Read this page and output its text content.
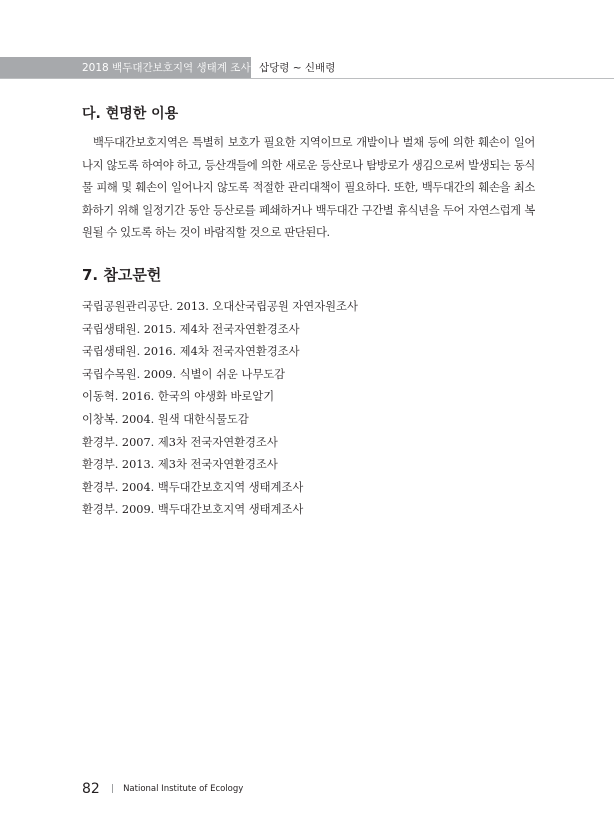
2018 백두대간보호지역 생태계 조사 삽당령 ~ 신배령
다. 현명한 이용

백두대간보호지역은 특별히 보호가 필요한 지역이므로 개발이나 벌채 등에 의한 훼손이 일어나지 않도록 하여야 하고, 등산객들에 의한 새로운 등산로나 탐방로가 생김으로써 발생되는 동식물 피해 및 훼손이 일어나지 않도록 적절한 관리대책이 필요하다. 또한, 백두대간의 훼손을 최소화하기 위해 일정기간 동안 등산로를 폐쇄하거나 백두대간 구간별 휴식년을 두어 자연스럽게 복원될 수 있도록 하는 것이 바람직할 것으로 판단된다.

7. 참고문헌
국립공원관리공단. 2013. 오대산국립공원 자연자원조사
국립생태원. 2015. 제4차 전국자연환경조사
국립생태원. 2016. 제4차 전국자연환경조사
국립수목원. 2009. 식별이 쉬운 나무도감
이동혁. 2016. 한국의 야생화 바로알기
이창복. 2004. 원색 대한식물도감
환경부. 2007. 제3차 전국자연환경조사
환경부. 2013. 제3차 전국자연환경조사
환경부. 2004. 백두대간보호지역 생태계조사
환경부. 2009. 백두대간보호지역 생태계조사
82 | National Institute of Ecology
